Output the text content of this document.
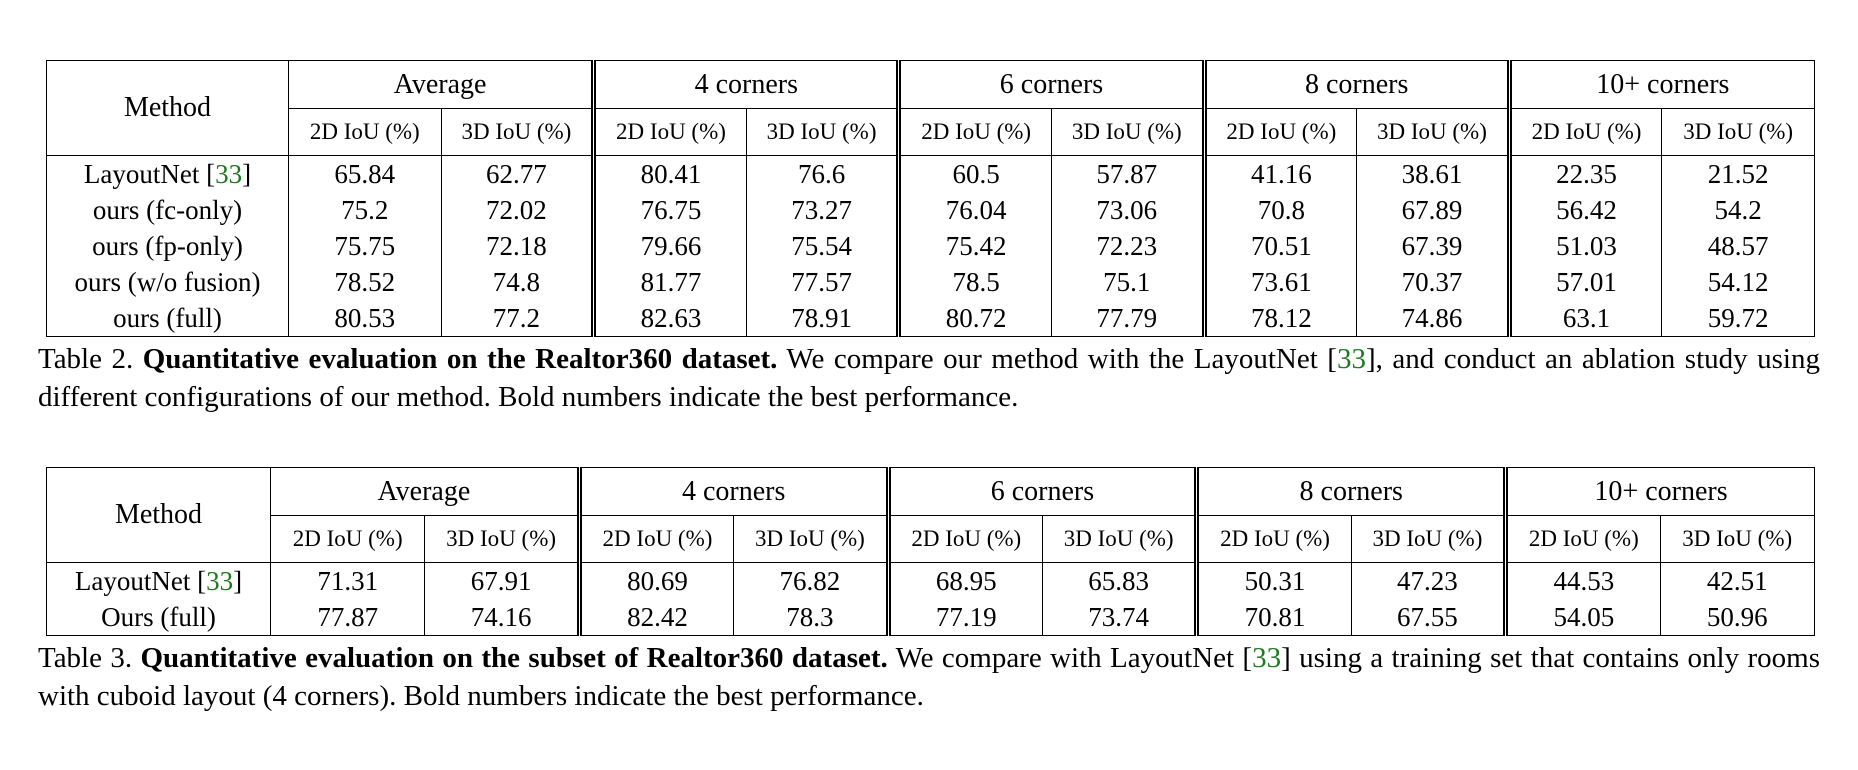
Method	Average		4 corners		6 corners		8 corners		10+ corners	
	2D IoU (%)	3D IoU (%)	2D IoU (%)	3D IoU (%)	2D IoU (%)	3D IoU (%)	2D IoU (%)	3D IoU (%)	2D IoU (%)	3D IoU (%)
LayoutNet [33]	65.84	62.77	80.41	76.6	60.5	57.87	41.16	38.61	22.35	21.52
ours (fc-only)	75.2	72.02	76.75	73.27	76.04	73.06	70.8	67.89	56.42	54.2
ours (fp-only)	75.75	72.18	79.66	75.54	75.42	72.23	70.51	67.39	51.03	48.57
ours (w/o fusion)	78.52	74.8	81.77	77.57	78.5	75.1	73.61	70.37	57.01	54.12
ours (full)	80.53	77.2	82.63	78.91	80.72	77.79	78.12	74.86	63.1	59.72
Table 2. Quantitative evaluation on the Realtor360 dataset. We compare our method with the LayoutNet [33], and conduct an ablation study using different configurations of our method. Bold numbers indicate the best performance.
Method	Average		4 corners		6 corners		8 corners		10+ corners	
	2D IoU (%)	3D IoU (%)	2D IoU (%)	3D IoU (%)	2D IoU (%)	3D IoU (%)	2D IoU (%)	3D IoU (%)	2D IoU (%)	3D IoU (%)
LayoutNet [33]	71.31	67.91	80.69	76.82	68.95	65.83	50.31	47.23	44.53	42.51
Ours (full)	77.87	74.16	82.42	78.3	77.19	73.74	70.81	67.55	54.05	50.96
Table 3. Quantitative evaluation on the subset of Realtor360 dataset. We compare with LayoutNet [33] using a training set that contains only rooms with cuboid layout (4 corners). Bold numbers indicate the best performance.
